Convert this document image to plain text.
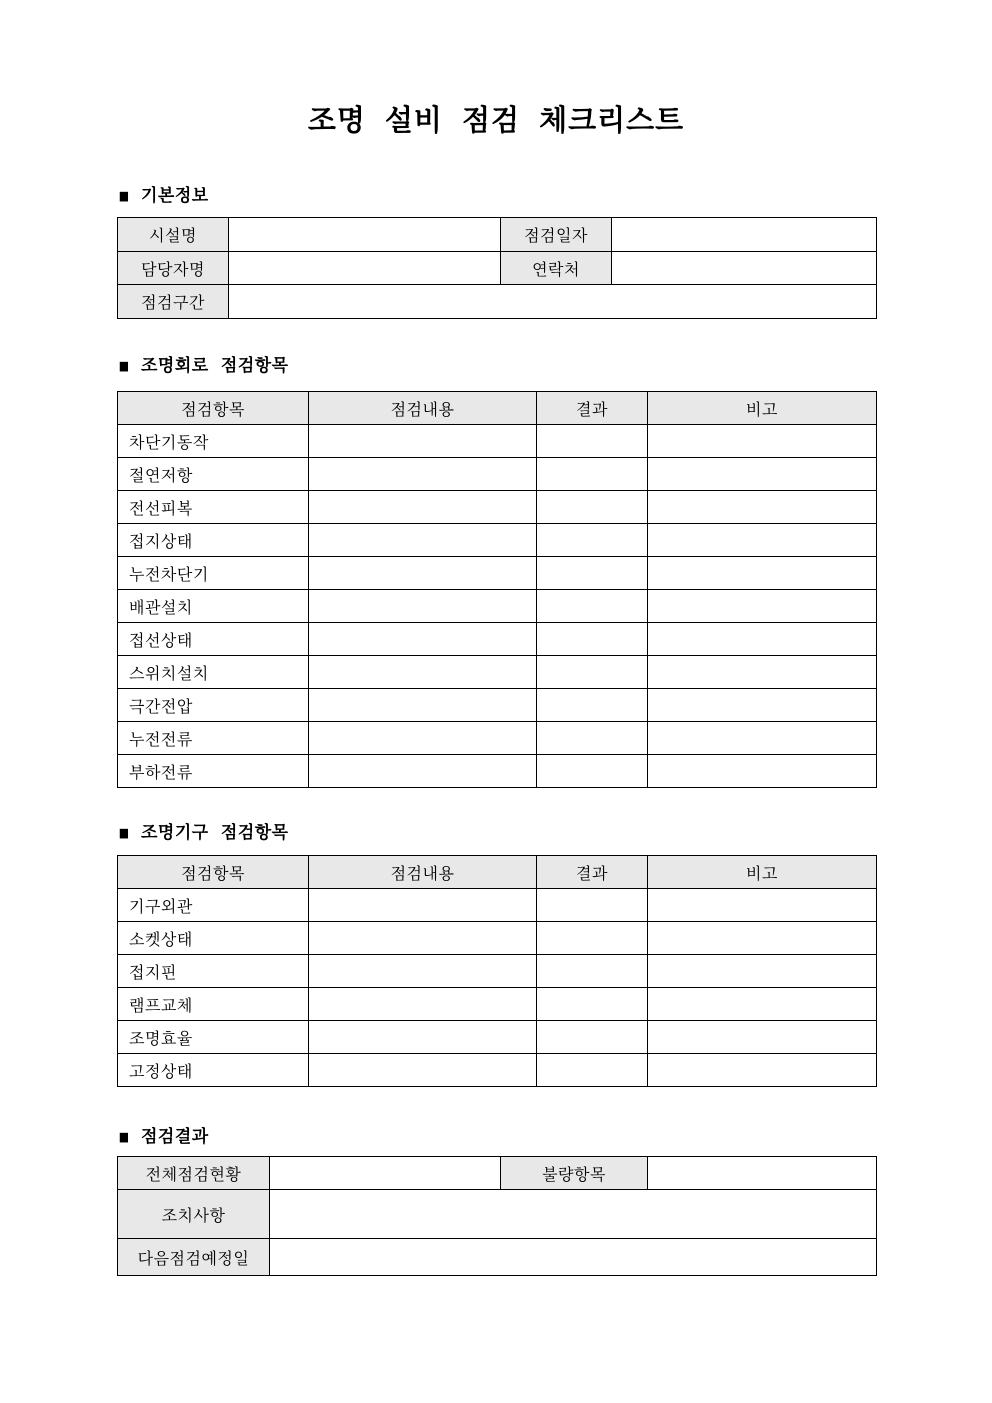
조명 설비 점검 체크리스트
■ 기본정보
시설명		점검일자	
담당자명		연락처	
점검구간			
■ 조명회로 점검항목
점검항목	점검내용	결과	비고
차단기동작			
절연저항			
전선피복			
접지상태			
누전차단기			
배관설치			
접선상태			
스위치설치			
극간전압			
누전전류			
부하전류			
■ 조명기구 점검항목
점검항목	점검내용	결과	비고
기구외관			
소켓상태			
접지핀			
램프교체			
조명효율			
고정상태			
■ 점검결과
전체점검현황		불량항목	
조치사항			
다음점검예정일			
